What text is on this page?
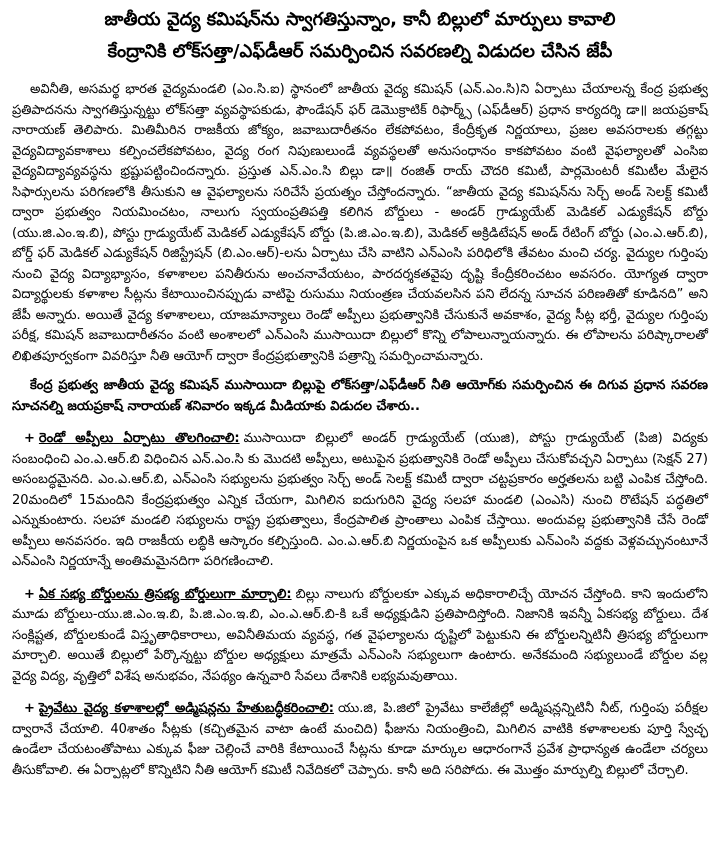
జాతీయ వైద్య కమిషన్‌ను స్వాగతిస్తున్నాం, కానీ బిల్లులో మార్పులు కావాలి
కేంద్రానికి లోక్‌సత్తా/ఎఫ్‌డీఆర్ సమర్పించిన సవరణల్ని విడుదల చేసిన జేపీ

అవినీతి, అసమర్థ భారత వైద్యమండలి (ఎం.సి.ఐ) స్థానంలో జాతీయ వైద్య కమిషన్ (ఎన్.ఎం.సి)ని ఏర్పాటు చేయాలన్న కేంద్ర ప్రభుత్వ ప్రతిపాదనను స్వాగతిస్తున్నట్టు లోక్‌సత్తా వ్యవస్థాపకుడు, ఫౌండేషన్ ఫర్ డెమొక్రాటిక్ రిఫార్మ్స్ (ఎఫ్‌డీఆర్) ప్రధాన కార్యదర్శి డా॥ జయప్రకాష్ నారాయణ్ తెలిపారు. మితిమీరిన రాజకీయ జోక్యం, జవాబుదారీతనం లేకపోవటం, కేంద్రీకృత నిర్ణయాలు, ప్రజల అవసరాలకు తగ్గట్టు వైద్యవిద్యావకాశాలు కల్పించలేకపోవటం, వైద్య రంగ నిపుణులుండే వ్యవస్థలతో అనుసంధానం కాకపోవటం వంటి వైఫల్యాలతో ఎంసిఐ వైద్యవిద్యావ్యవస్థను భ్రష్టుపట్టించిందన్నారు. ప్రస్తుత ఎన్.ఎం.సి బిల్లు డా॥ రంజిత్ రాయ్ చౌదరి కమిటీ, పార్లమెంటరీ కమిటీల మేలైన సిఫార్సులను పరిగణలోకి తీసుకుని ఆ వైఫల్యాలను సరిచేసే ప్రయత్నం చేస్తోందన్నారు. “జాతీయ వైద్య కమిషన్‌ను సెర్చ్ అండ్ సెలక్ట్ కమిటీ ద్వారా ప్రభుత్వం నియమించటం, నాలుగు స్వయంప్రతిపత్తి కలిగిన బోర్డులు - అండర్ గ్రాడ్యుయేట్ మెడికల్ ఎడ్యుకేషన్ బోర్డు (యు.జి.ఎం.ఇ.బి), పోస్టు గ్రాడ్యుయేట్ మెడికల్ ఎడ్యుకేషన్ బోర్డు (పి.జి.ఎం.ఇ.బి), మెడికల్ అక్రిడిటేషన్ అండ్ రేటింగ్ బోర్డు (ఎం.ఎ.ఆర్.బి), బోర్డ్ ఫర్ మెడికల్ ఎడ్యుకేషన్ రిజిస్ట్రేషన్ (బి.ఎం.ఆర్)-లను ఏర్పాటు చేసి వాటిని ఎన్ఎంసి పరిధిలోకి తేవటం మంచి చర్య. వైద్యుల గుర్తింపు నుంచి వైద్య విద్యాభ్యాసం, కళాశాలల పనితీరును అంచనావేయటం, పారదర్శకతవైపు దృష్టి కేంద్రీకరించటం అవసరం. యోగ్యత ద్వారా విద్యార్థులకు కళాశాల సీట్లను కేటాయించినప్పుడు వాటిపై రుసుము నియంత్రణ చేయవలసిన పని లేదన్న సూచన పరిణతితో కూడినది” అని జేపీ అన్నారు. అయితే వైద్య కళాశాలలు, యాజమాన్యాలు రెండో అప్పీలు ప్రభుత్వానికి చేసుకునే అవకాశం, వైద్య సీట్ల భర్తీ, వైద్యుల గుర్తింపు పరీక్ష, కమిషన్ జవాబుదారీతనం వంటి అంశాలలో ఎన్ఎంసి ముసాయిదా బిల్లులో కొన్ని లోపాలున్నాయన్నారు. ఈ లోపాలను పరిష్కారాలతో లిఖితపూర్వకంగా వివరిస్తూ నీతి ఆయోగ్ ద్వారా కేంద్రప్రభుత్వానికి పత్రాన్ని సమర్పించామన్నారు.

కేంద్ర ప్రభుత్వ జాతీయ వైద్య కమిషన్ ముసాయిదా బిల్లుపై లోక్‌సత్తా/ఎఫ్‌డీఆర్ నీతి ఆయోగ్‌కు సమర్పించిన ఈ దిగువ ప్రధాన సవరణ సూచనల్ని జయప్రకాష్ నారాయణ్ శనివారం ఇక్కడ మీడియాకు విడుదల చేశారు..

+ రెండో అప్పీలు ఏర్పాటు తొలగించాలి: ముసాయిదా బిల్లులో అండర్ గ్రాడ్యుయేట్ (యుజి), పోస్టు గ్రాడ్యుయేట్ (పిజి) విద్యకు సంబంధించి ఎం.ఎ.ఆర్.బి విధించిన ఎన్.ఎం.సి కు మొదటి అప్పీలు, అటుపైన ప్రభుత్వానికి రెండో అప్పీలు చేసుకోవచ్చని ఏర్పాటు (సెక్షన్ 27) అసంబద్ధమైనది. ఎం.ఎ.ఆర్.బి, ఎన్ఎంసి సభ్యులను ప్రభుత్వం సెర్చ్ అండ్ సెలక్ట్ కమిటీ ద్వారా చట్టప్రకారం అర్హతలను బట్టి ఎంపిక చేస్తోంది. 20మందిలో 15మందిని కేంద్రప్రభుత్వం ఎన్నిక చేయగా, మిగిలిన ఐదుగురిని వైద్య సలహా మండలి (ఎంఎసి) నుంచి రొటేషన్ పద్ధతిలో ఎన్నుకుంటారు. సలహా మండలి సభ్యులను రాష్ట్ర ప్రభుత్వాలు, కేంద్రపాలిత ప్రాంతాలు ఎంపిక చేస్తాయి. అందువల్ల ప్రభుత్వానికి చేసే రెండో అప్పీలు అనవసరం. ఇది రాజకీయ లబ్ధికి ఆస్కారం కల్పిస్తుంది. ఎం.ఎ.ఆర్.బి నిర్ణయంపైన ఒక అప్పీలుకు ఎన్ఎంసి వద్దకు వెళ్లవచ్చునంటూనే ఎన్ఎంసి నిర్ణయాన్నే అంతిమమైనదిగా పరిగణించాలి.

+ ఏక సభ్య బోర్డులను త్రిసభ్య బోర్డులుగా మార్చాలి: బిల్లు నాలుగు బోర్డులకూ ఎక్కువ అధికారాలిచ్చే యోచన చేస్తోంది. కాని ఇందులోని మూడు బోర్డులు-యు.జి.ఎం.ఇ.బి, పి.జి.ఎం.ఇ.బి, ఎం.ఎ.ఆర్.బి-కి ఒకే అధ్యక్షుడిని ప్రతిపాదిస్తోంది. నిజానికి ఇవన్నీ ఏకసభ్య బోర్డులు. దేశ సంక్లిష్టత, బోర్డులకుండే విస్తృతాధికారాలు, అవినీతిమయ వ్యవస్థ, గత వైఫల్యాలను దృష్టిలో పెట్టుకుని ఈ బోర్డులన్నిటినీ త్రిసభ్య బోర్డులుగా మార్చాలి. అయితే బిల్లులో పేర్కొన్నట్టు బోర్డుల అధ్యక్షులు మాత్రమే ఎన్ఎంసి సభ్యులుగా ఉంటారు. అనేకమంది సభ్యులుండే బోర్డుల వల్ల వైద్య విద్య, వృత్తిలో విశేష అనుభవం, నేపథ్యం ఉన్నవారి సేవలు దేశానికి లభ్యమవుతాయి.

+ ప్రైవేటు వైద్య కళాశాలల్లో అడ్మిషన్లను హేతుబద్ధీకరించాలి: యు.జి, పి.జిలో ప్రైవేటు కాలేజీల్లో అడ్మిషన్లన్నిటినీ నీట్, గుర్తింపు పరీక్షల ద్వారానే చేయాలి. 40శాతం సీట్లకు (కచ్చితమైన వాటా ఉంటే మంచిది) ఫీజును నియంత్రించి, మిగిలిన వాటికి కళాశాలలకు పూర్తి స్వేచ్ఛ ఉండేలా చేయటంతోపాటు ఎక్కువ ఫీజు చెల్లించే వారికి కేటాయించే సీట్లను కూడా మార్కుల ఆధారంగానే ప్రవేశ ప్రాధాన్యత ఉండేలా చర్యలు తీసుకోవాలి. ఈ ఏర్పాట్లలో కొన్నిటిని నీతి ఆయోగ్ కమిటీ నివేదికలో చెప్పారు. కానీ అది సరిపోదు. ఈ మొత్తం మార్పుల్ని బిల్లులో చేర్చాలి.
